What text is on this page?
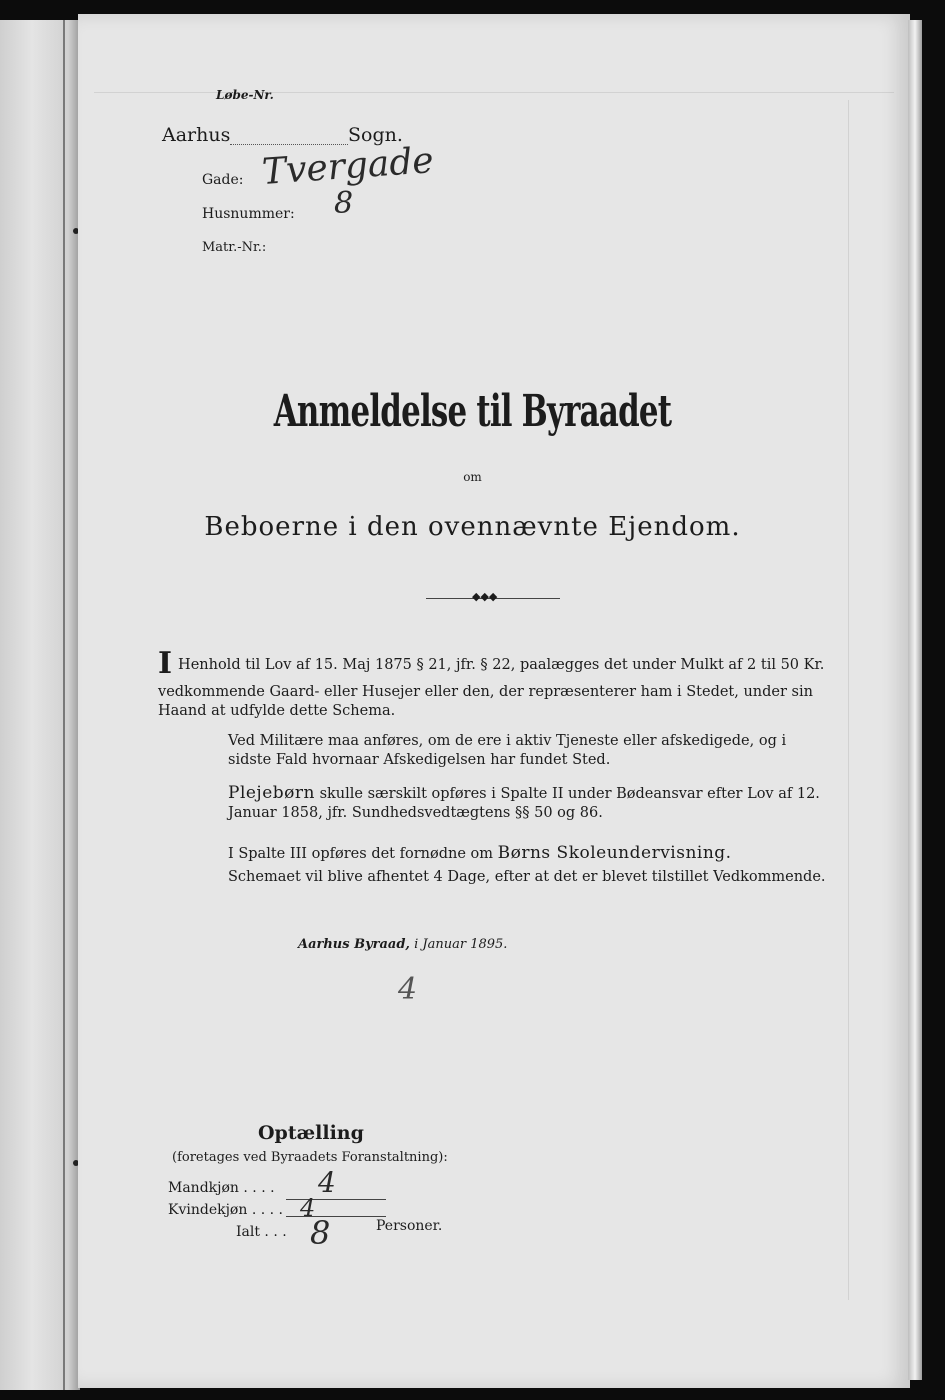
Løbe-Nr.
Aarhus	Sogn.
Gade: Tvergade
Husnummer: 8
Matr.-Nr.:
Anmeldelse til Byraadet
om
Beboerne i den ovennævnte Ejendom.
◆◆◆
I Henhold til Lov af 15. Maj 1875 § 21, jfr. § 22, paalægges det under Mulkt af 2 til 50 Kr. vedkommende Gaard- eller Husejer eller den, der repræsenterer ham i Stedet, under sin Haand at udfylde dette Schema.
Ved Militære maa anføres, om de ere i aktiv Tjeneste eller afskedigede, og i sidste Fald hvornaar Afskedigelsen har fundet Sted.
Plejebørn skulle særskilt opføres i Spalte II under Bødeansvar efter Lov af 12. Januar 1858, jfr. Sundhedsvedtægtens §§ 50 og 86.
I Spalte III opføres det fornødne om Børns Skoleundervisning.
Schemaet vil blive afhentet 4 Dage, efter at det er blevet tilstillet Vedkommende.
Aarhus Byraad, i Januar 1895.
4
Optælling
(foretages ved Byraadets Foranstaltning):
Mandkjøn . . . . 4
Kvindekjøn . . . . 4
Ialt . . . 8	Personer.
